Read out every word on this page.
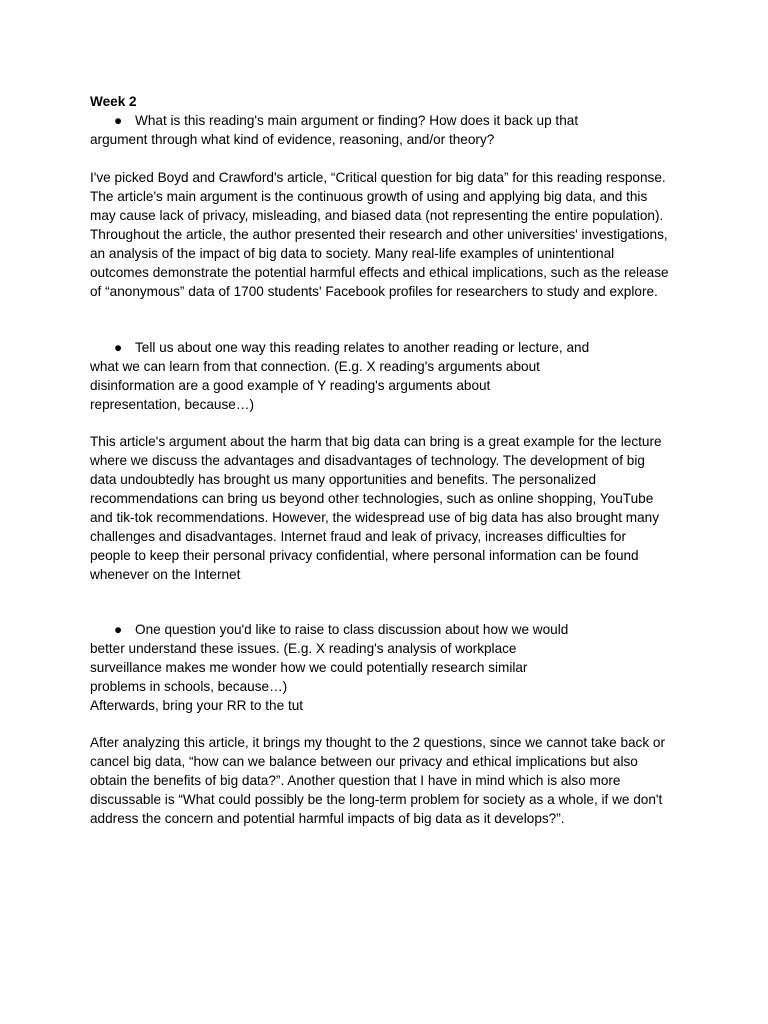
Week 2
● What is this reading's main argument or finding? How does it back up that
argument through what kind of evidence, reasoning, and/or theory?
I've picked Boyd and Crawford's article, “Critical question for big data” for this reading response.
The article's main argument is the continuous growth of using and applying big data, and this
may cause lack of privacy, misleading, and biased data (not representing the entire population).
Throughout the article, the author presented their research and other universities' investigations,
an analysis of the impact of big data to society. Many real-life examples of unintentional
outcomes demonstrate the potential harmful effects and ethical implications, such as the release
of “anonymous” data of 1700 students' Facebook profiles for researchers to study and explore.
● Tell us about one way this reading relates to another reading or lecture, and
what we can learn from that connection. (E.g. X reading's arguments about
disinformation are a good example of Y reading's arguments about
representation, because…)
This article's argument about the harm that big data can bring is a great example for the lecture
where we discuss the advantages and disadvantages of technology. The development of big
data undoubtedly has brought us many opportunities and benefits. The personalized
recommendations can bring us beyond other technologies, such as online shopping, YouTube
and tik-tok recommendations. However, the widespread use of big data has also brought many
challenges and disadvantages. Internet fraud and leak of privacy, increases difficulties for
people to keep their personal privacy confidential, where personal information can be found
whenever on the Internet
● One question you'd like to raise to class discussion about how we would
better understand these issues. (E.g. X reading's analysis of workplace
surveillance makes me wonder how we could potentially research similar
problems in schools, because…)
Afterwards, bring your RR to the tut
After analyzing this article, it brings my thought to the 2 questions, since we cannot take back or
cancel big data, “how can we balance between our privacy and ethical implications but also
obtain the benefits of big data?”. Another question that I have in mind which is also more
discussable is “What could possibly be the long-term problem for society as a whole, if we don't
address the concern and potential harmful impacts of big data as it develops?”.
